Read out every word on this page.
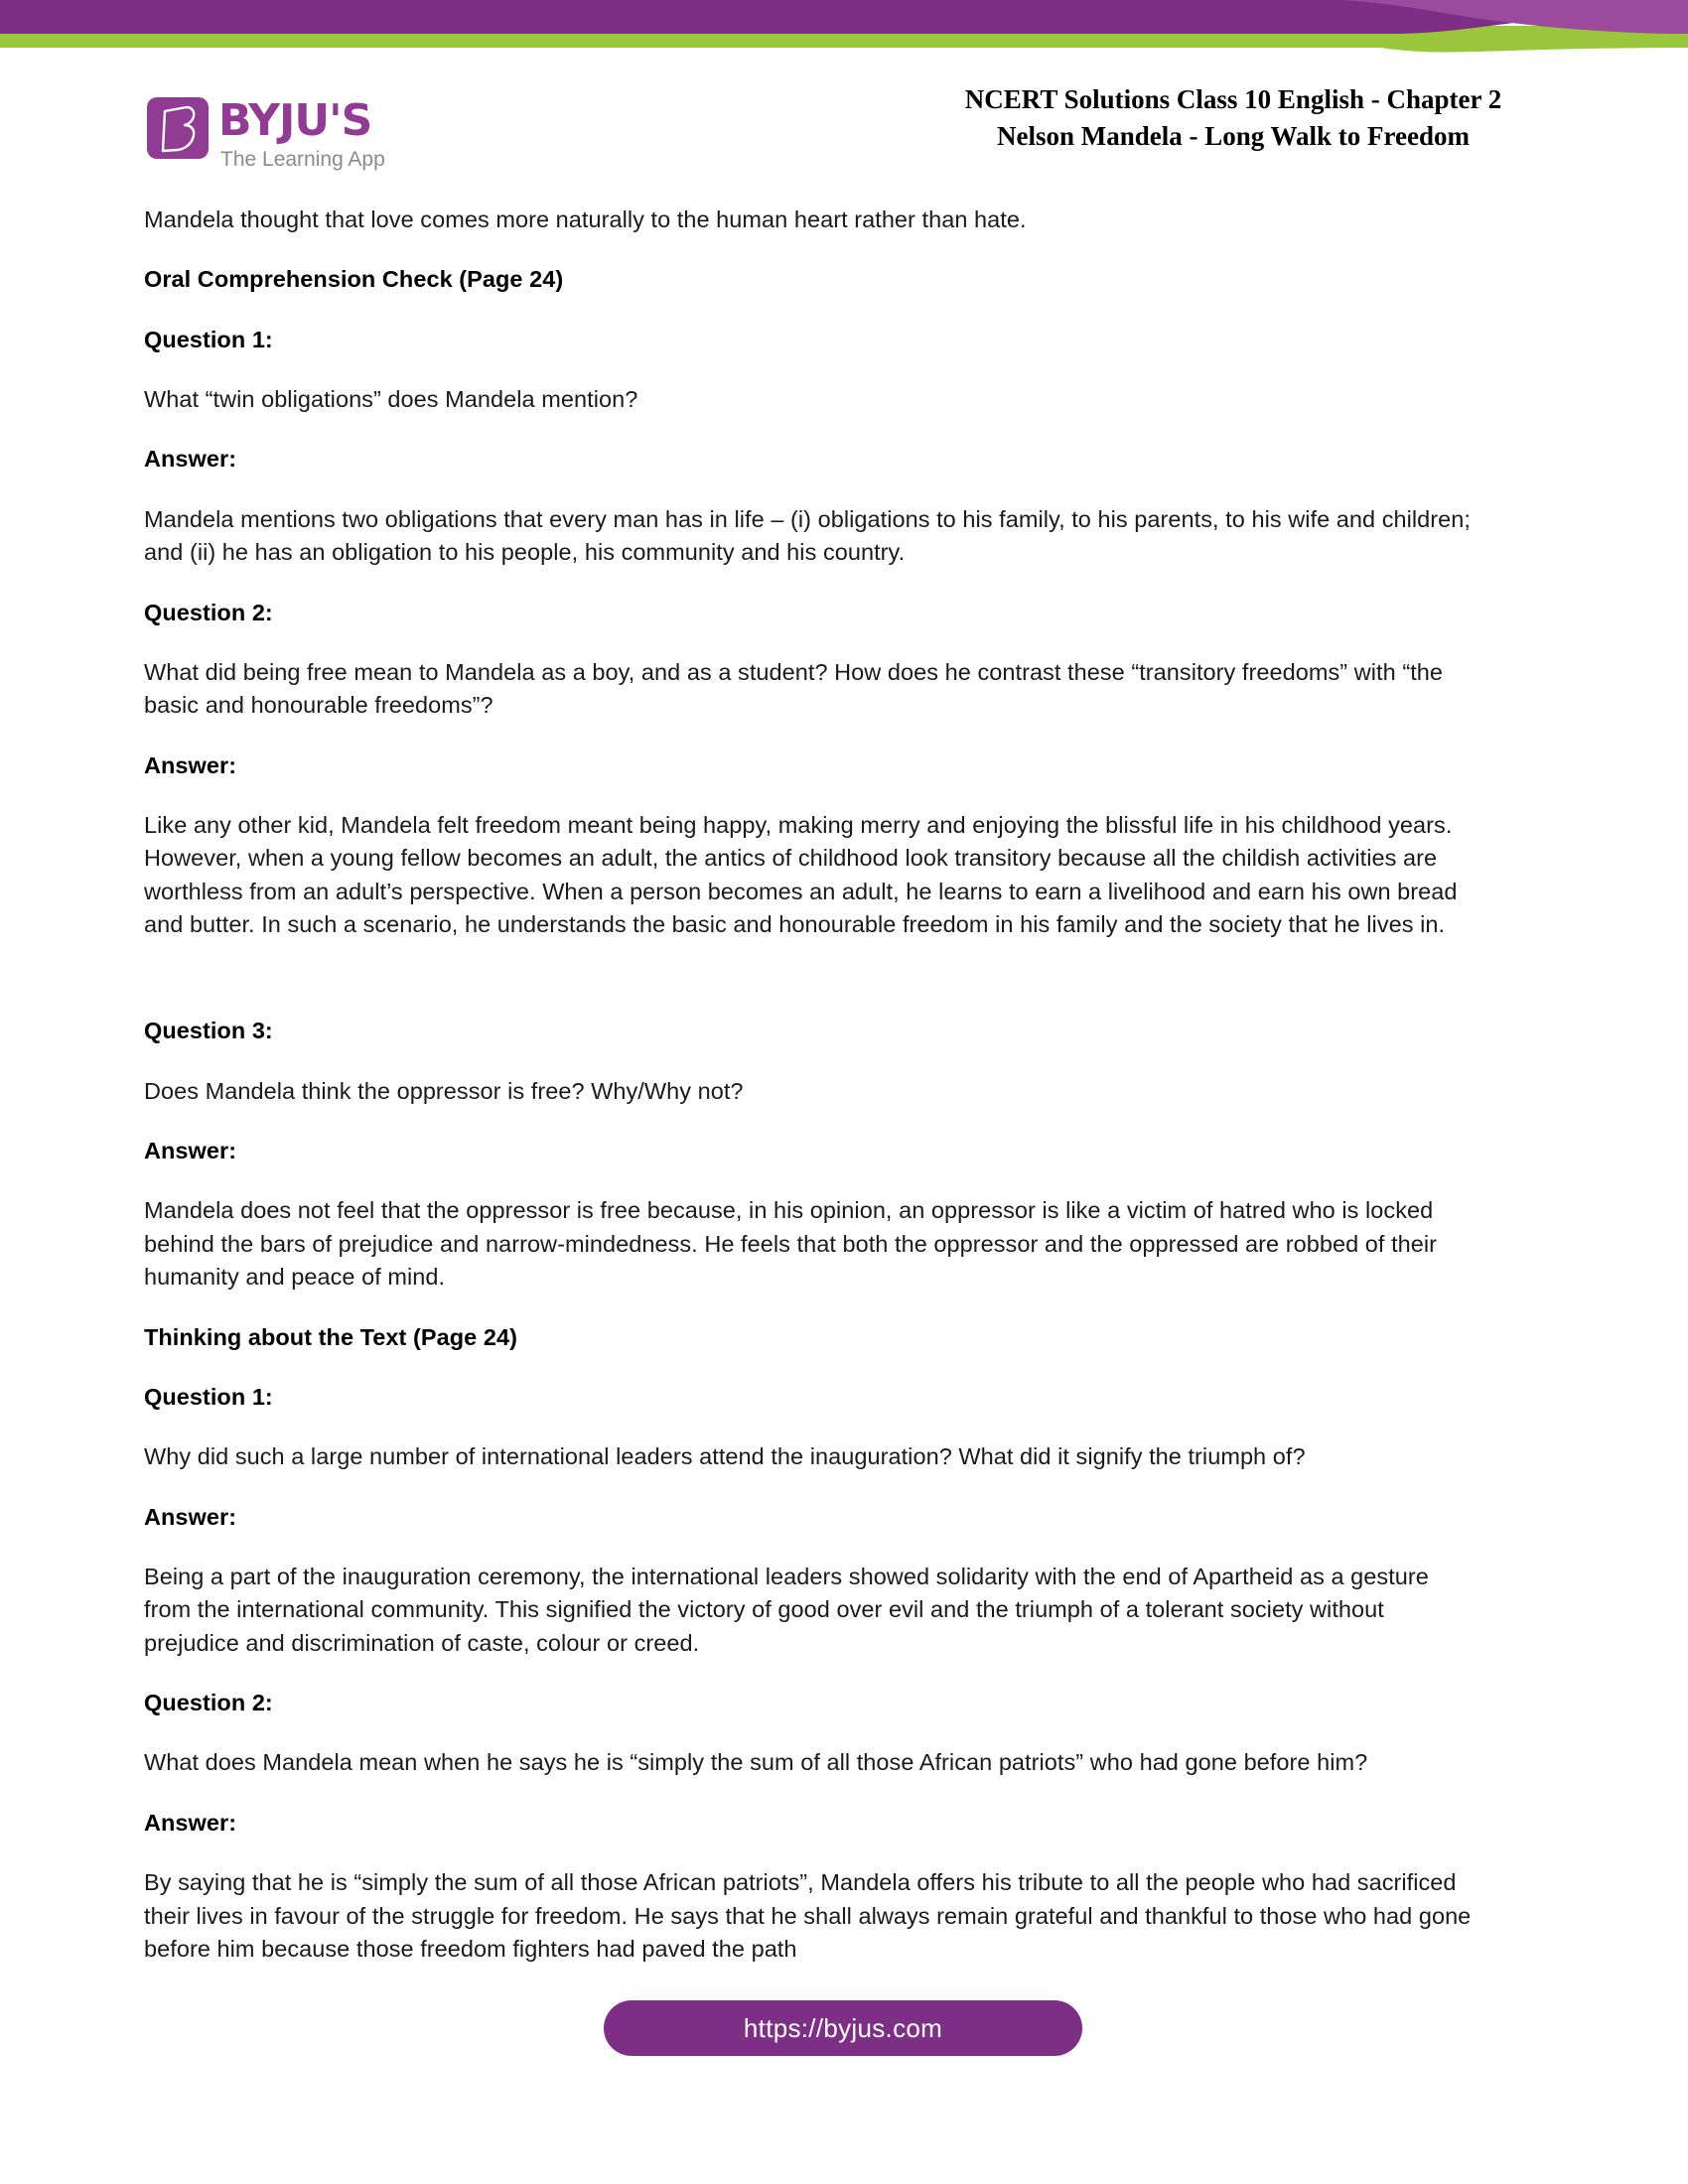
BYJU'S
The Learning App
NCERT Solutions Class 10 English - Chapter 2
Nelson Mandela - Long Walk to Freedom

Mandela thought that love comes more naturally to the human heart rather than hate.

Oral Comprehension Check (Page 24)

Question 1:

What “twin obligations” does Mandela mention?

Answer:

Mandela mentions two obligations that every man has in life – (i) obligations to his family, to his parents, to his wife and children; and (ii) he has an obligation to his people, his community and his country.

Question 2:

What did being free mean to Mandela as a boy, and as a student? How does he contrast these “transitory freedoms” with “the basic and honourable freedoms”?

Answer:

Like any other kid, Mandela felt freedom meant being happy, making merry and enjoying the blissful life in his childhood years. However, when a young fellow becomes an adult, the antics of childhood look transitory because all the childish activities are worthless from an adult’s perspective. When a person becomes an adult, he learns to earn a livelihood and earn his own bread and butter. In such a scenario, he understands the basic and honourable freedom in his family and the society that he lives in.

Question 3:

Does Mandela think the oppressor is free? Why/Why not?

Answer:

Mandela does not feel that the oppressor is free because, in his opinion, an oppressor is like a victim of hatred who is locked behind the bars of prejudice and narrow-mindedness. He feels that both the oppressor and the oppressed are robbed of their humanity and peace of mind.

Thinking about the Text (Page 24)

Question 1:

Why did such a large number of international leaders attend the inauguration? What did it signify the triumph of?

Answer:

Being a part of the inauguration ceremony, the international leaders showed solidarity with the end of Apartheid as a gesture from the international community. This signified the victory of good over evil and the triumph of a tolerant society without prejudice and discrimination of caste, colour or creed.

Question 2:

What does Mandela mean when he says he is “simply the sum of all those African patriots” who had gone before him?

Answer:

By saying that he is “simply the sum of all those African patriots”, Mandela offers his tribute to all the people who had sacrificed their lives in favour of the struggle for freedom. He says that he shall always remain grateful and thankful to those who had gone before him because those freedom fighters had paved the path

https://byjus.com
